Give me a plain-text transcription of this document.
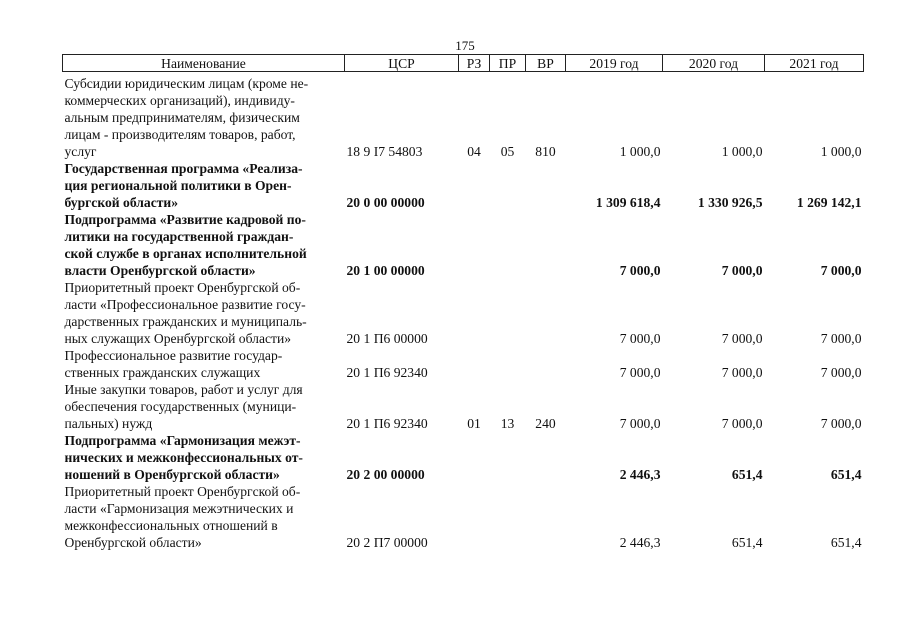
175
Наименование	ЦСР	РЗ	ПР	ВР	2019 год	2020 год	2021 год
Субсидии юридическим лицам (кроме не-
коммерческих организаций), индивиду-
альным предпринимателям, физическим
лицам - производителям товаров, работ,
услуг	18 9 I7 54803	04	05	810	1 000,0	1 000,0	1 000,0
Государственная программа «Реализа-
ция региональной политики в Орен-
бургской области»	20 0 00 00000				1 309 618,4	1 330 926,5	1 269 142,1
Подпрограмма «Развитие кадровой по-
литики на государственной граждан-
ской службе в органах исполнительной
власти Оренбургской области»	20 1 00 00000				7 000,0	7 000,0	7 000,0
Приоритетный проект Оренбургской об-
ласти «Профессиональное развитие госу-
дарственных гражданских и муниципаль-
ных служащих Оренбургской области»	20 1 П6 00000				7 000,0	7 000,0	7 000,0
Профессиональное развитие государ-
ственных гражданских служащих	20 1 П6 92340				7 000,0	7 000,0	7 000,0
Иные закупки товаров, работ и услуг для
обеспечения государственных (муници-
пальных) нужд	20 1 П6 92340	01	13	240	7 000,0	7 000,0	7 000,0
Подпрограмма «Гармонизация межэт-
нических и межконфессиональных от-
ношений в Оренбургской области»	20 2 00 00000				2 446,3	651,4	651,4
Приоритетный проект Оренбургской об-
ласти «Гармонизация межэтнических и
межконфессиональных отношений в
Оренбургской области»	20 2 П7 00000				2 446,3	651,4	651,4
